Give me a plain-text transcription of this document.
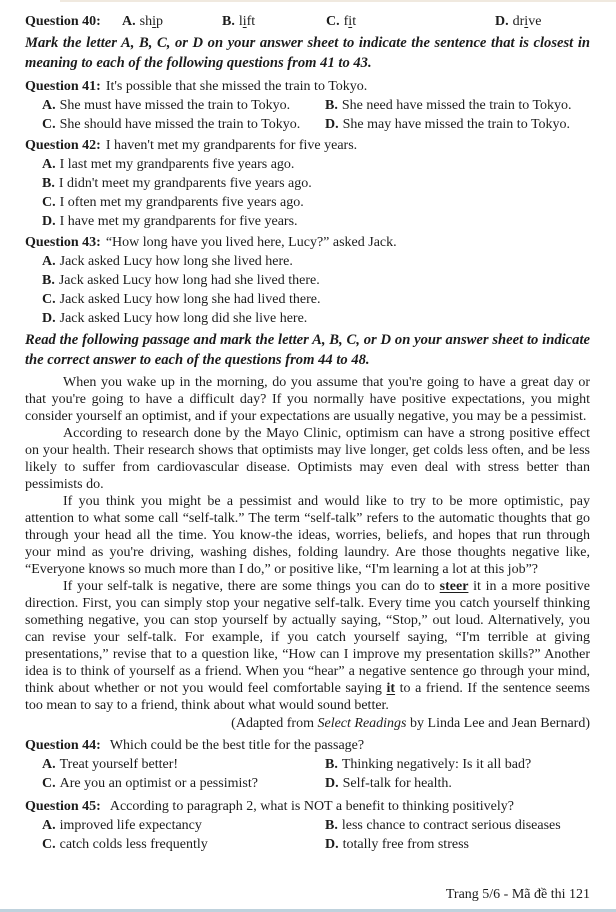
Question 40:	A. ship	B. lift	C. fit	D. drive

Mark the letter A, B, C, or D on your answer sheet to indicate the sentence that is closest in meaning to each of the following questions from 41 to 43.

Question 41: It's possible that she missed the train to Tokyo.
A. She must have missed the train to Tokyo.	B. She need have missed the train to Tokyo.
C. She should have missed the train to Tokyo.	D. She may have missed the train to Tokyo.
Question 42: I haven't met my grandparents for five years.
A. I last met my grandparents five years ago.
B. I didn't meet my grandparents five years ago.
C. I often met my grandparents five years ago.
D. I have met my grandparents for five years.
Question 43: “How long have you lived here, Lucy?” asked Jack.
A. Jack asked Lucy how long she lived here.
B. Jack asked Lucy how long had she lived there.
C. Jack asked Lucy how long she had lived there.
D. Jack asked Lucy how long did she live here.

Read the following passage and mark the letter A, B, C, or D on your answer sheet to indicate the correct answer to each of the questions from 44 to 48.

When you wake up in the morning, do you assume that you're going to have a great day or that you're going to have a difficult day? If you normally have positive expectations, you might consider yourself an optimist, and if your expectations are usually negative, you may be a pessimist.

According to research done by the Mayo Clinic, optimism can have a strong positive effect on your health. Their research shows that optimists may live longer, get colds less often, and be less likely to suffer from cardiovascular disease. Optimists may even deal with stress better than pessimists do.

If you think you might be a pessimist and would like to try to be more optimistic, pay attention to what some call “self-talk.” The term “self-talk” refers to the automatic thoughts that go through your head all the time. You know-the ideas, worries, beliefs, and hopes that run through your mind as you're driving, washing dishes, folding laundry. Are those thoughts negative like, “Everyone knows so much more than I do,” or positive like, “I'm learning a lot at this job”?

If your self-talk is negative, there are some things you can do to steer it in a more positive direction. First, you can simply stop your negative self-talk. Every time you catch yourself thinking something negative, you can stop yourself by actually saying, “Stop,” out loud. Alternatively, you can revise your self-talk. For example, if you catch yourself saying, “I'm terrible at giving presentations,” revise that to a question like, “How can I improve my presentation skills?” Another idea is to think of yourself as a friend. When you “hear” a negative sentence go through your mind, think about whether or not you would feel comfortable saying it to a friend. If the sentence seems too mean to say to a friend, think about what would sound better.

(Adapted from Select Readings by Linda Lee and Jean Bernard)
Question 44: Which could be the best title for the passage?
A. Treat yourself better!	B. Thinking negatively: Is it all bad?
C. Are you an optimist or a pessimist?	D. Self-talk for health.
Question 45: According to paragraph 2, what is NOT a benefit to thinking positively?
A. improved life expectancy	B. less chance to contract serious diseases
C. catch colds less frequently	D. totally free from stress
Trang 5/6 - Mã đề thi 121
